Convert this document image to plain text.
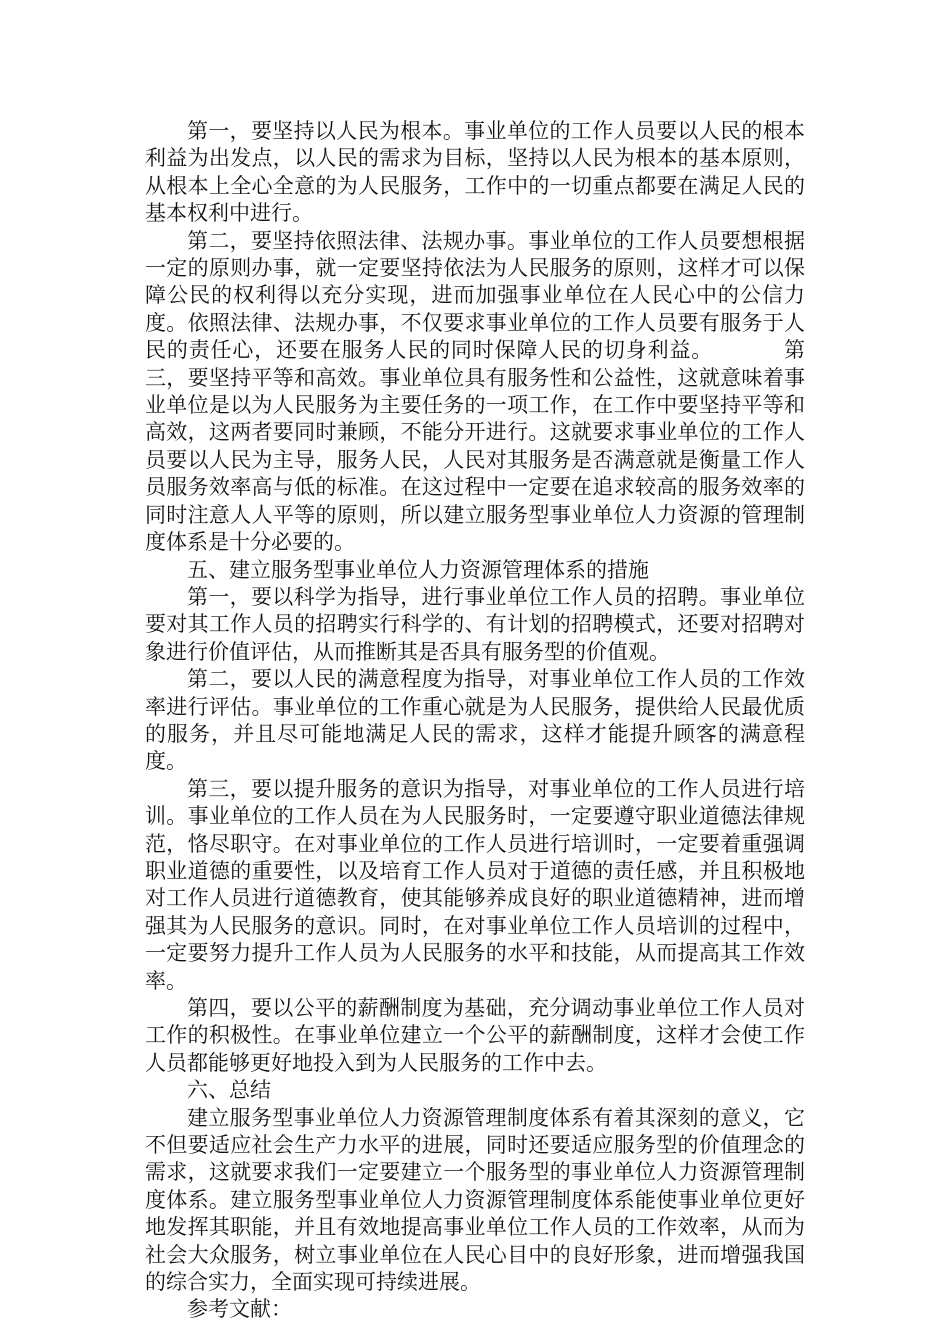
第一，要坚持以人民为根本。事业单位的工作人员要以人民的根本利益为出发点，以人民的需求为目标，坚持以人民为根本的基本原则，从根本上全心全意的为人民服务，工作中的一切重点都要在满足人民的基本权利中进行。

第二，要坚持依照法律、法规办事。事业单位的工作人员要想根据一定的原则办事，就一定要坚持依法为人民服务的原则，这样才可以保障公民的权利得以充分实现，进而加强事业单位在人民心中的公信力度。依照法律、法规办事，不仅要求事业单位的工作人员要有服务于人民的责任心，还要在服务人民的同时保障人民的切身利益。	第三，要坚持平等和高效。事业单位具有服务性和公益性，这就意味着事业单位是以为人民服务为主要任务的一项工作，在工作中要坚持平等和高效，这两者要同时兼顾，不能分开进行。这就要求事业单位的工作人员要以人民为主导，服务人民，人民对其服务是否满意就是衡量工作人员服务效率高与低的标准。在这过程中一定要在追求较高的服务效率的同时注意人人平等的原则，所以建立服务型事业单位人力资源的管理制度体系是十分必要的。

五、建立服务型事业单位人力资源管理体系的措施

第一，要以科学为指导，进行事业单位工作人员的招聘。事业单位要对其工作人员的招聘实行科学的、有计划的招聘模式，还要对招聘对象进行价值评估，从而推断其是否具有服务型的价值观。

第二，要以人民的满意程度为指导，对事业单位工作人员的工作效率进行评估。事业单位的工作重心就是为人民服务，提供给人民最优质的服务，并且尽可能地满足人民的需求，这样才能提升顾客的满意程度。

第三，要以提升服务的意识为指导，对事业单位的工作人员进行培训。事业单位的工作人员在为人民服务时，一定要遵守职业道德法律规范，恪尽职守。在对事业单位的工作人员进行培训时，一定要着重强调职业道德的重要性，以及培育工作人员对于道德的责任感，并且积极地对工作人员进行道德教育，使其能够养成良好的职业道德精神，进而增强其为人民服务的意识。同时，在对事业单位工作人员培训的过程中，一定要努力提升工作人员为人民服务的水平和技能，从而提高其工作效率。

第四，要以公平的薪酬制度为基础，充分调动事业单位工作人员对工作的积极性。在事业单位建立一个公平的薪酬制度，这样才会使工作人员都能够更好地投入到为人民服务的工作中去。

六、总结

建立服务型事业单位人力资源管理制度体系有着其深刻的意义，它不但要适应社会生产力水平的进展，同时还要适应服务型的价值理念的需求，这就要求我们一定要建立一个服务型的事业单位人力资源管理制度体系。建立服务型事业单位人力资源管理制度体系能使事业单位更好地发挥其职能，并且有效地提高事业单位工作人员的工作效率，从而为社会大众服务，树立事业单位在人民心目中的良好形象，进而增强我国的综合实力，全面实现可持续进展。

参考文献：
